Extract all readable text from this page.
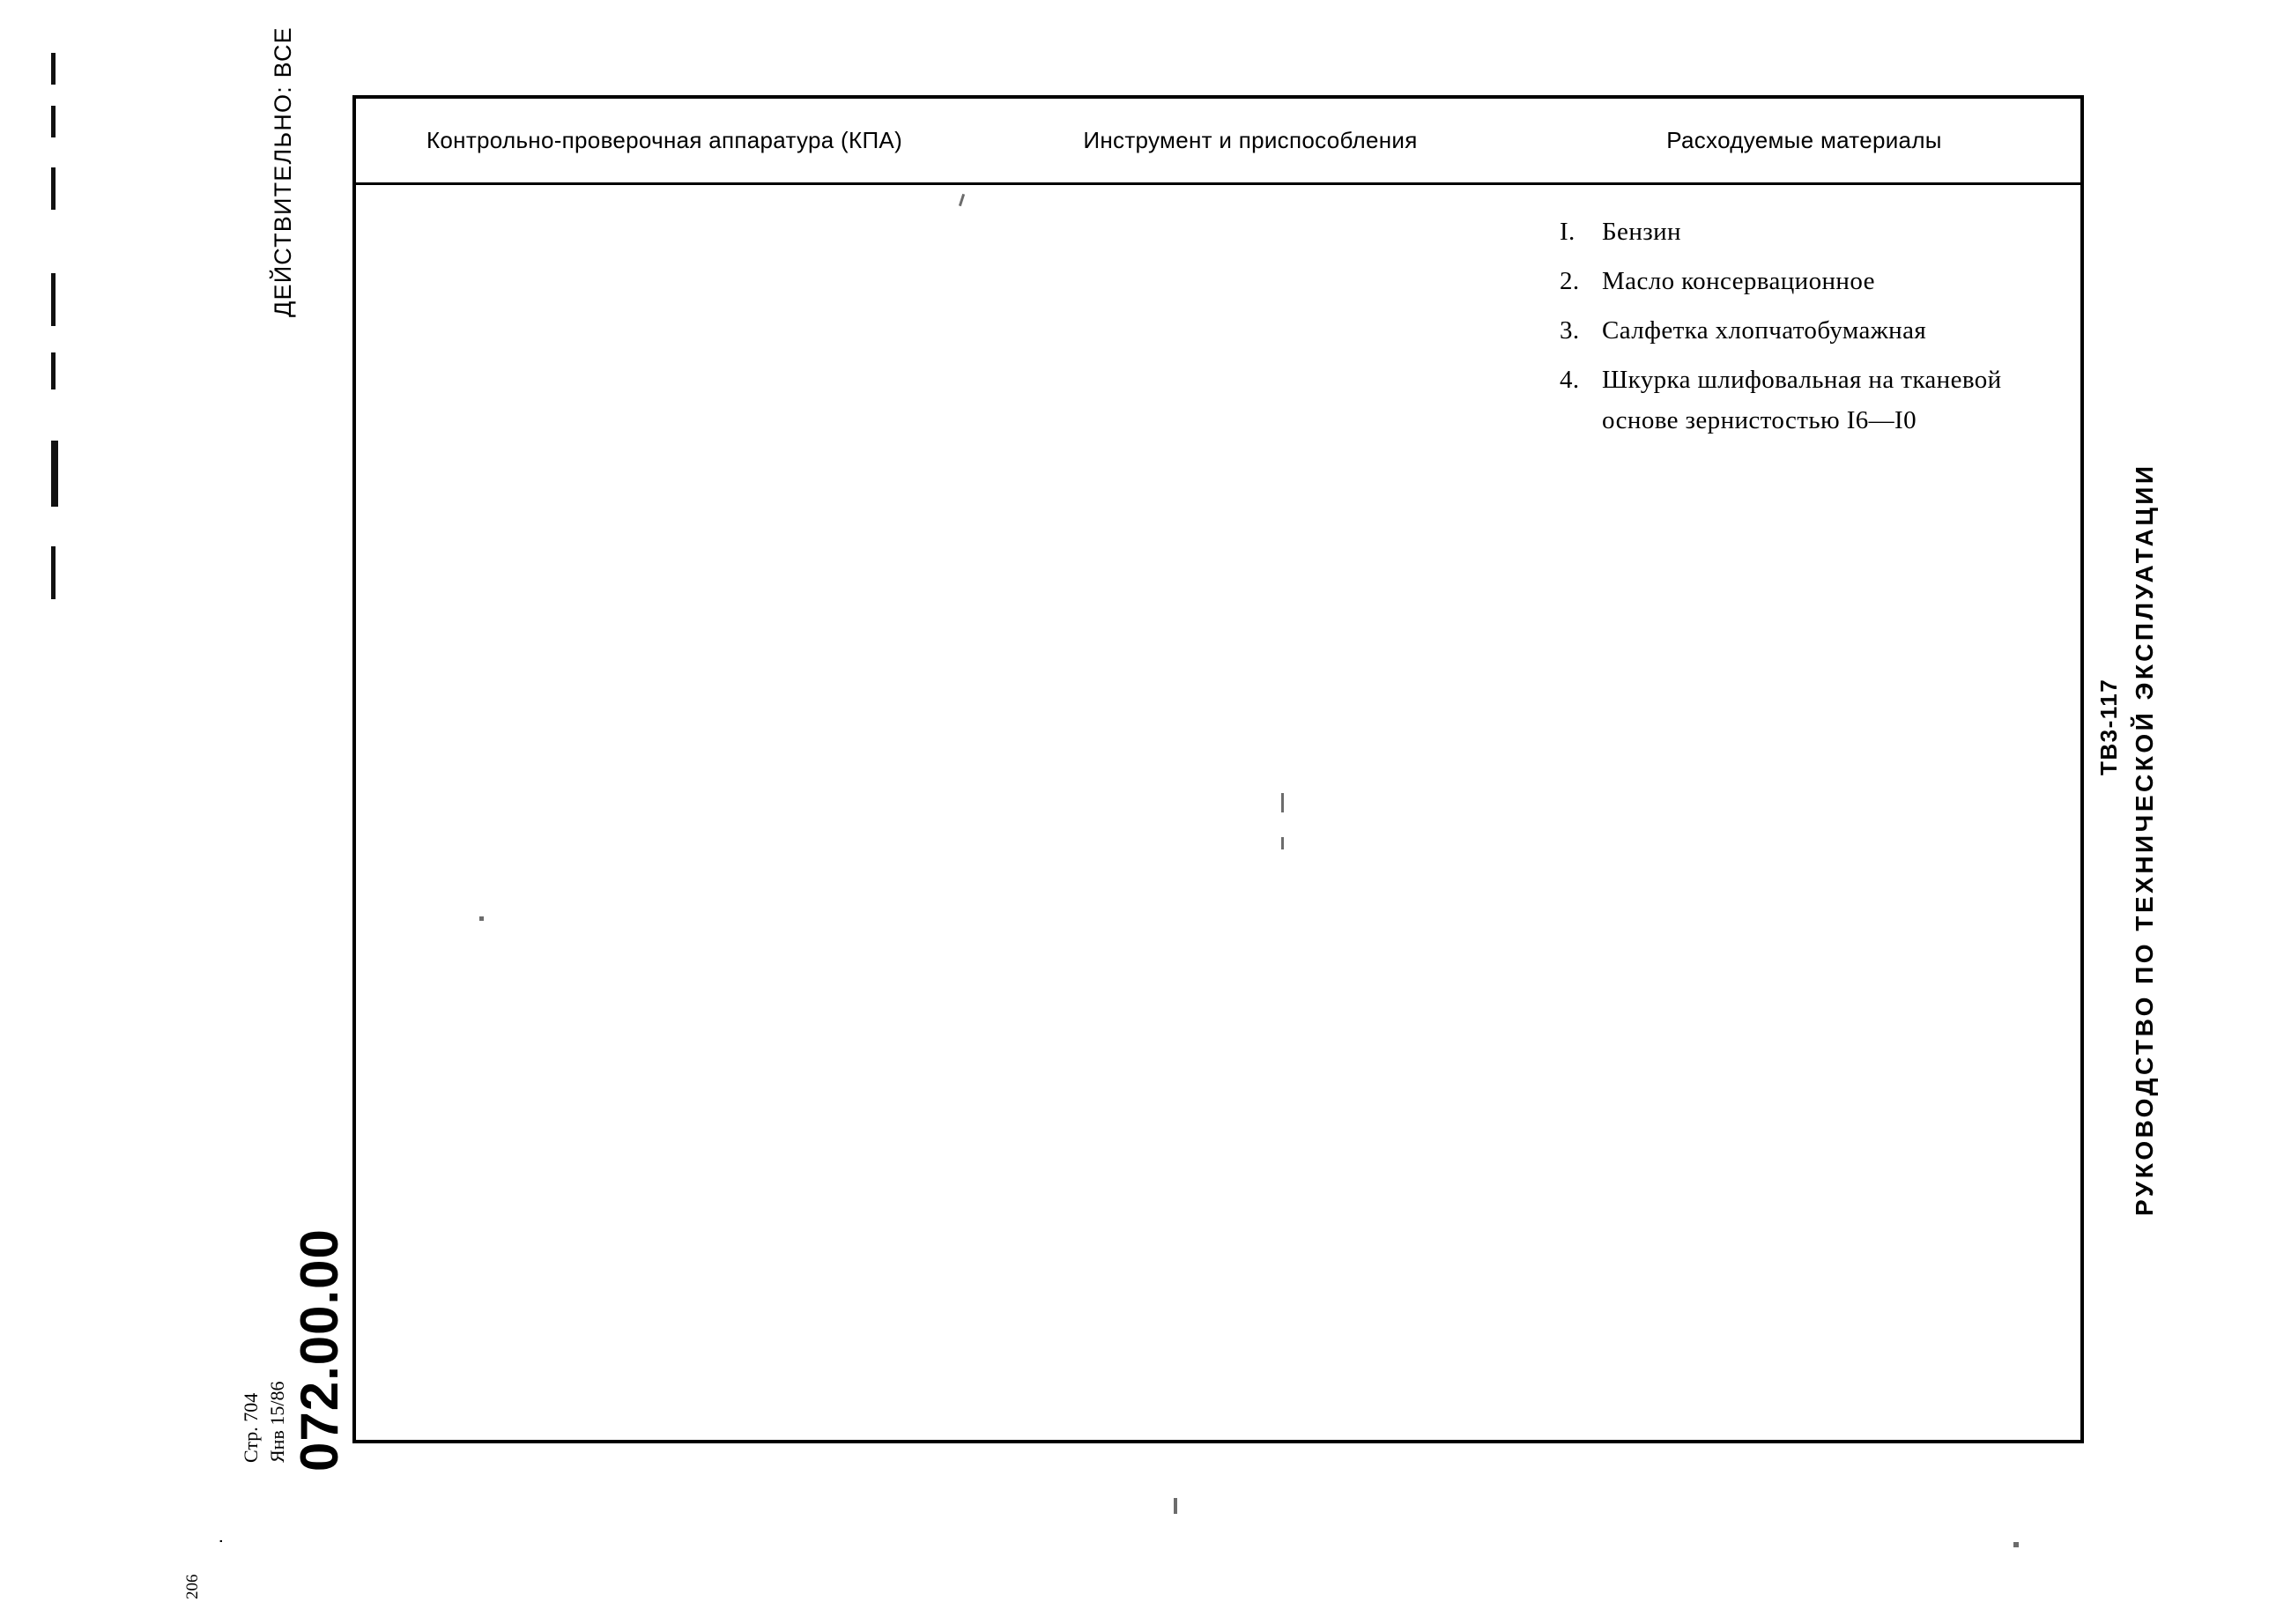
ДЕЙСТВИТЕЛЬНО: ВСЕ
072.00.00
Стр. 704 Янв 15/86
.
206
РУКОВОДСТВО ПО ТЕХНИЧЕСКОЙ ЭКСПЛУАТАЦИИ
ТВ3-117
Контрольно-проверочная аппаратура (КПА)	Инструмент и приспособления	Расходуемые материалы

I.	Бензин
2. Масло консервационное
3. Салфетка хлопчатобумажная
4. Шкурка шлифовальная на тканевой основе зернистостью I6—I0
